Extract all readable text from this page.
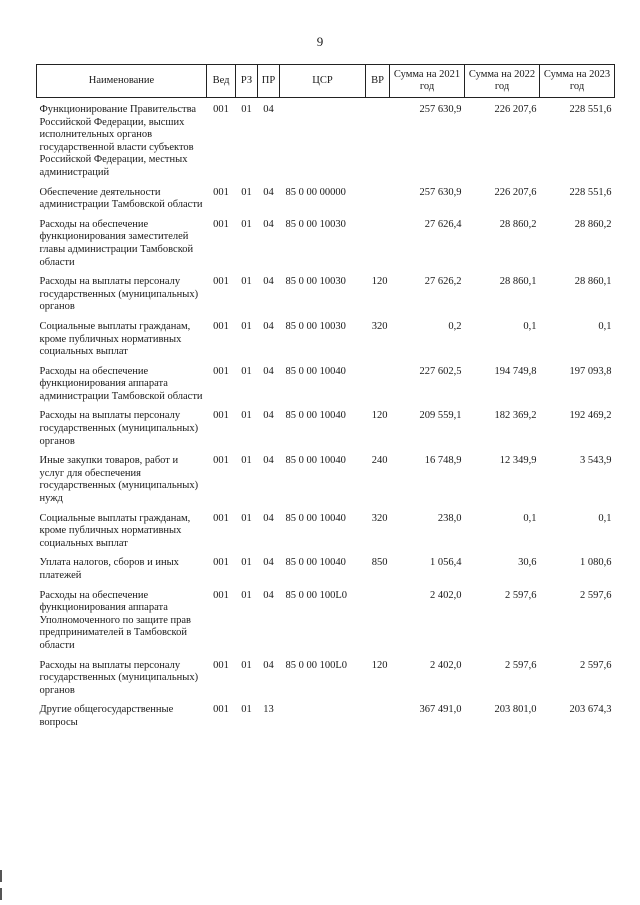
9
Наименование	Вед	РЗ	ПР	ЦСР	ВР	Сумма на 2021 год	Сумма на 2022 год	Сумма на 2023 год
Функционирование Правительства Российской Федерации, высших исполнительных органов государственной власти субъектов Российской Федерации, местных администраций	001	01	04			257 630,9	226 207,6	228 551,6
Обеспечение деятельности администрации Тамбовской области	001	01	04	85 0 00 00000		257 630,9	226 207,6	228 551,6
Расходы на обеспечение функционирования заместителей главы администрации Тамбовской области	001	01	04	85 0 00 10030		27 626,4	28 860,2	28 860,2
Расходы на выплаты персоналу государственных (муниципальных) органов	001	01	04	85 0 00 10030	120	27 626,2	28 860,1	28 860,1
Социальные выплаты гражданам, кроме публичных нормативных социальных выплат	001	01	04	85 0 00 10030	320	0,2	0,1	0,1
Расходы на обеспечение функционирования аппарата администрации Тамбовской области	001	01	04	85 0 00 10040		227 602,5	194 749,8	197 093,8
Расходы на выплаты персоналу государственных (муниципальных) органов	001	01	04	85 0 00 10040	120	209 559,1	182 369,2	192 469,2
Иные закупки товаров, работ и услуг для обеспечения государственных (муниципальных) нужд	001	01	04	85 0 00 10040	240	16 748,9	12 349,9	3 543,9
Социальные выплаты гражданам, кроме публичных нормативных социальных выплат	001	01	04	85 0 00 10040	320	238,0	0,1	0,1
Уплата налогов, сборов и иных платежей	001	01	04	85 0 00 10040	850	1 056,4	30,6	1 080,6
Расходы на обеспечение функционирования аппарата Уполномоченного по защите прав предпринимателей в Тамбовской области	001	01	04	85 0 00 100L0		2 402,0	2 597,6	2 597,6
Расходы на выплаты персоналу государственных (муниципальных) органов	001	01	04	85 0 00 100L0	120	2 402,0	2 597,6	2 597,6
Другие общегосударственные вопросы	001	01	13			367 491,0	203 801,0	203 674,3
